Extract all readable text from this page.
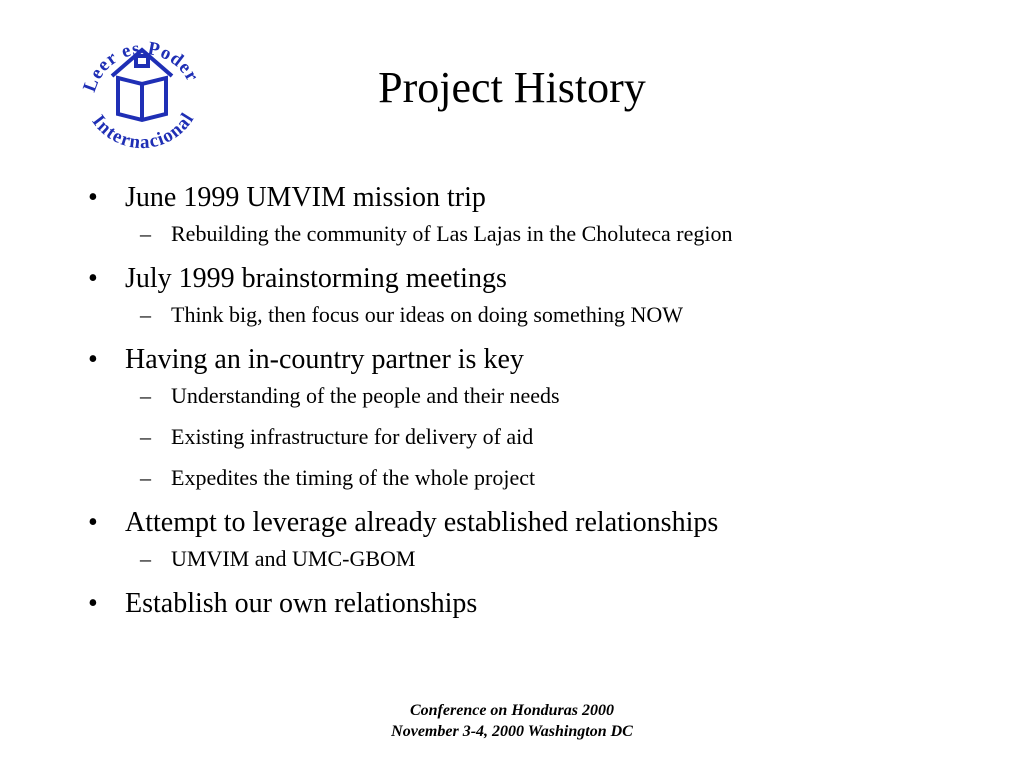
Leer es Poder
Internacional
Project History
• June 1999 UMVIM mission trip
– Rebuilding the community of Las Lajas in the Choluteca region
• July 1999 brainstorming meetings
– Think big, then focus our ideas on doing something NOW
• Having an in-country partner is key
– Understanding of the people and their needs
– Existing infrastructure for delivery of aid
– Expedites the timing of the whole project
• Attempt to leverage already established relationships
– UMVIM and UMC-GBOM
• Establish our own relationships
Conference on Honduras 2000
November 3-4, 2000 Washington DC
